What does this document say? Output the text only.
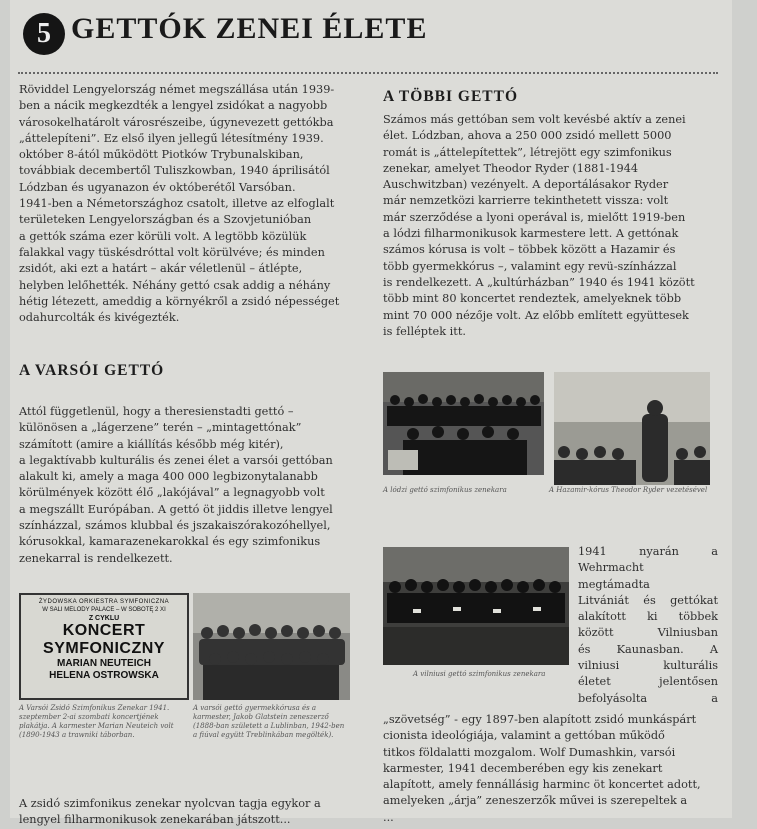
5 GETTÓK ZENEI ÉLETE

Röviddel Lengyelország német megszállása után 1939-

ben a nácik megkezdték a lengyel zsidókat a nagyobb

városokelhatárolt városrészeibe, úgynevezett gettókba

„áttelepíteni”. Ez első ilyen jellegű létesítmény 1939.

október 8-ától működött Piotków Trybunalskiban,

továbbiak decembertől Tuliszkowban, 1940 áprilisától

Lódzban és ugyanazon év októberétől Varsóban.

1941-ben a Németországhoz csatolt, illetve az elfoglalt

területeken Lengyelországban és a Szovjetunióban

a gettók száma ezer körüli volt. A legtöbb közülük

falakkal vagy tüskésdróttal volt körülvéve; és minden

zsidót, aki ezt a határt – akár véletlenül – átlépte,

helyben lelőhették. Néhány gettó csak addig a néhány

hétig létezett, ameddig a környékről a zsidó népességet

odahurcolták és kivégezték.

A VARSÓI GETTÓ

Attól függetlenül, hogy a theresienstadti gettó –

különösen a „lágerzene” terén – „mintagettónak”

számított (amire a kiállítás később még kitér),

a legaktívabb kulturális és zenei élet a varsói gettóban

alakult ki, amely a maga 400 000 legbizonytalanabb

körülmények között élő „lakójával” a legnagyobb volt

a megszállt Európában. A gettó öt jiddis illetve lengyel

színházzal, számos klubbal és jszakaiszórakozóhellyel,

kórusokkal, kamarazenekarokkal és egy szimfonikus

zenekarral is rendelkezett.

ŻYDOWSKA ORKIESTRA SYMFONICZNA
W SALI MELODY PALACE – W SOBOTĘ 2 XI
Z CYKLU
KONCERT SYMFONICZNY
MARIAN NEUTEICH
HELENA OSTROWSKA
A Varsói Zsidó Szimfonikus Zenekar 1941. szeptember 2-ai szombati koncertjének plakátja. A karmester Marian Neuteich volt (1890-1943 a trawniki táborban.
A varsói gettó gyermekkórusa és a karmester, Jakob Glatstein zeneszerző (1888-ban született a Lublinban, 1942-ben a fiúval együtt Treblinkában megölték).

A zsidó szimfonikus zenekar nyolcvan tagja egykor a

lengyel filharmonikusok zenekarában játszott...

A TÖBBI GETTÓ

Számos más gettóban sem volt kevésbé aktív a zenei

élet. Lódzban, ahova a 250 000 zsidó mellett 5000

romát is „áttelepítettek”, létrejött egy szimfonikus

zenekar, amelyet Theodor Ryder (1881-1944

Auschwitzban) vezényelt. A deportálásakor Ryder

már nemzetközi karrierre tekinthetett vissza: volt

már szerződése a lyoni operával is, mielőtt 1919-ben

a lódzi filharmonikusok karmestere lett. A gettónak

számos kórusa is volt – többek között a Hazamir és

több gyermekkórus –, valamint egy revü-színházzal

is rendelkezett. A „kultúrházban” 1940 és 1941 között

több mint 80 koncertet rendeztek, amelyeknek több

mint 70 000 nézője volt. Az előbb említett együttesek

is felléptek itt.

A lódzi gettó szimfonikus zenekara	A Hazamir-kórus Theodor Ryder vezetésével
A vilniusi gettó szimfonikus zenekara

1941 nyarán a

Wehrmacht

megtámadta

Litvániát és gettókat

alakított ki többek

között Vilniusban

és Kaunasban. A

vilniusi kulturális

életet jelentősen

befolyásolta a

„szövetség” - egy 1897-ben alapított zsidó munkáspárt

cionista ideológiája, valamint a gettóban működő

titkos földalatti mozgalom. Wolf Dumashkin, varsói

karmester, 1941 decemberében egy kis zenekart

alapított, amely fennállásig harminc öt koncertet adott,

amelyeken „árja” zeneszerzők művei is szerepeltek a

...
